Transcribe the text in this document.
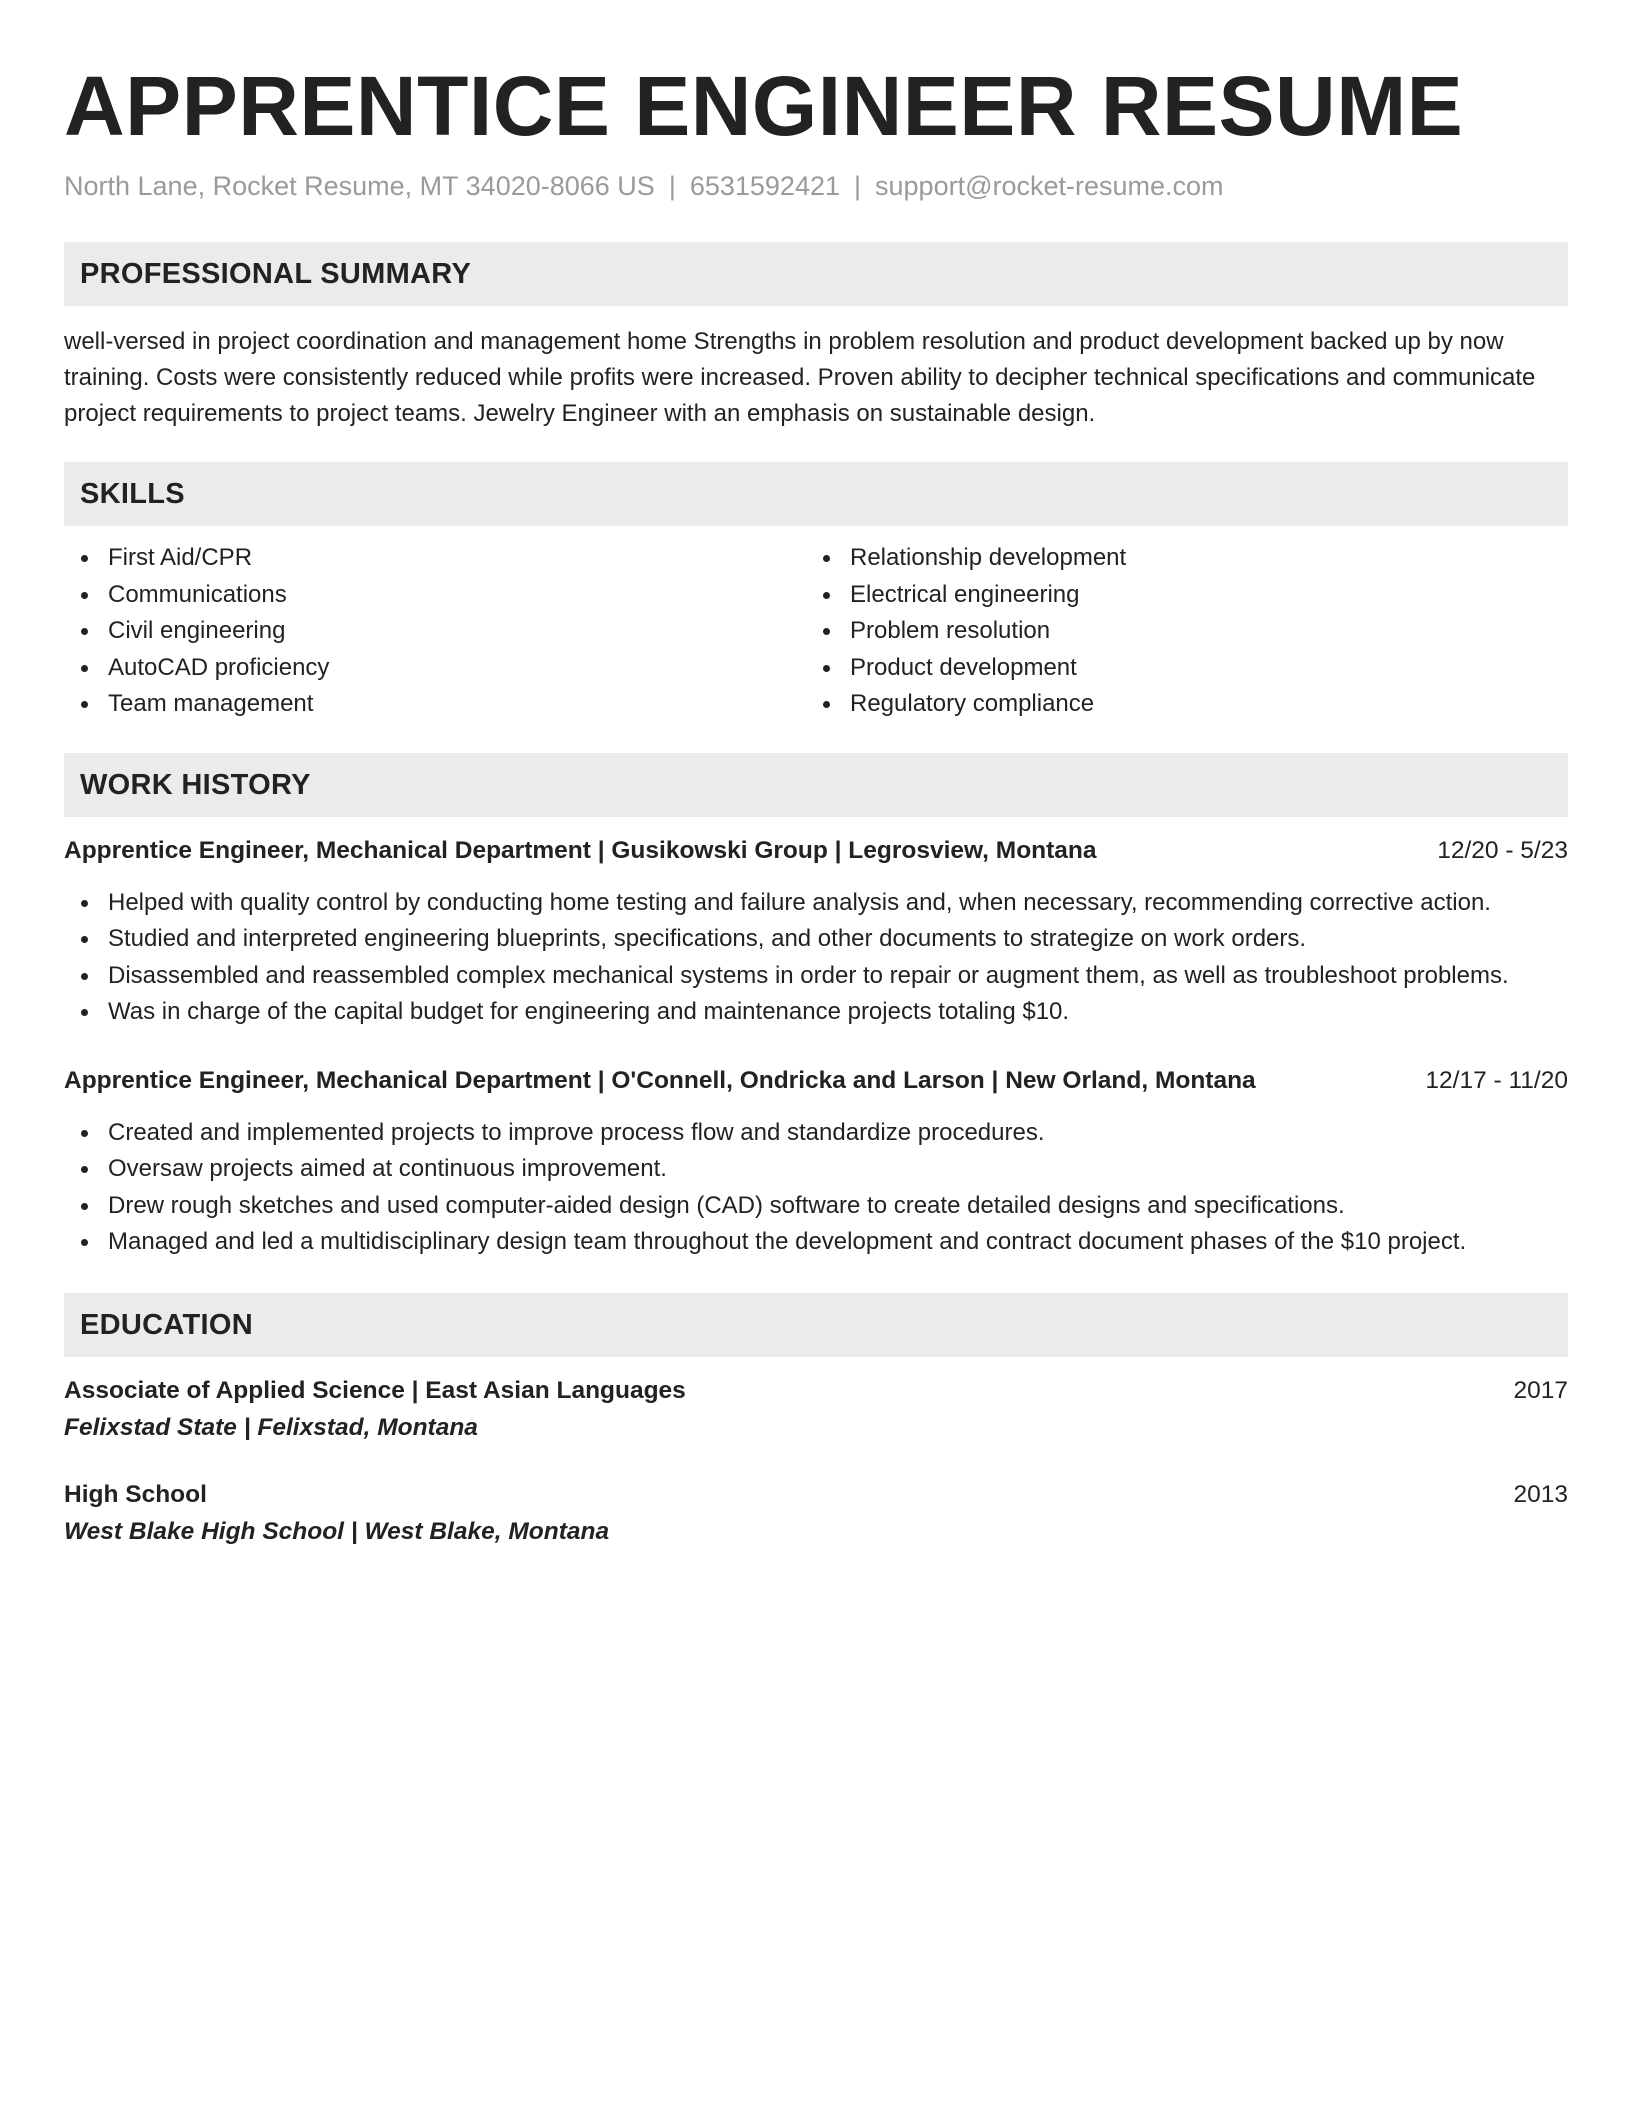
APPRENTICE ENGINEER RESUME
North Lane, Rocket Resume, MT 34020-8066 US | 6531592421 | support@rocket-resume.com
PROFESSIONAL SUMMARY
well-versed in project coordination and management home Strengths in problem resolution and product development backed up by now training. Costs were consistently reduced while profits were increased. Proven ability to decipher technical specifications and communicate project requirements to project teams. Jewelry Engineer with an emphasis on sustainable design.
SKILLS
First Aid/CPR
Communications
Civil engineering
AutoCAD proficiency
Team management
Relationship development
Electrical engineering
Problem resolution
Product development
Regulatory compliance
WORK HISTORY
Apprentice Engineer, Mechanical Department | Gusikowski Group | Legrosview, Montana	12/20 - 5/23
Helped with quality control by conducting home testing and failure analysis and, when necessary, recommending corrective action.
Studied and interpreted engineering blueprints, specifications, and other documents to strategize on work orders.
Disassembled and reassembled complex mechanical systems in order to repair or augment them, as well as troubleshoot problems.
Was in charge of the capital budget for engineering and maintenance projects totaling $10.
Apprentice Engineer, Mechanical Department | O'Connell, Ondricka and Larson | New Orland, Montana	12/17 - 11/20
Created and implemented projects to improve process flow and standardize procedures.
Oversaw projects aimed at continuous improvement.
Drew rough sketches and used computer-aided design (CAD) software to create detailed designs and specifications.
Managed and led a multidisciplinary design team throughout the development and contract document phases of the $10 project.
EDUCATION
Associate of Applied Science | East Asian Languages	2017
Felixstad State | Felixstad, Montana
High School	2013
West Blake High School | West Blake, Montana
